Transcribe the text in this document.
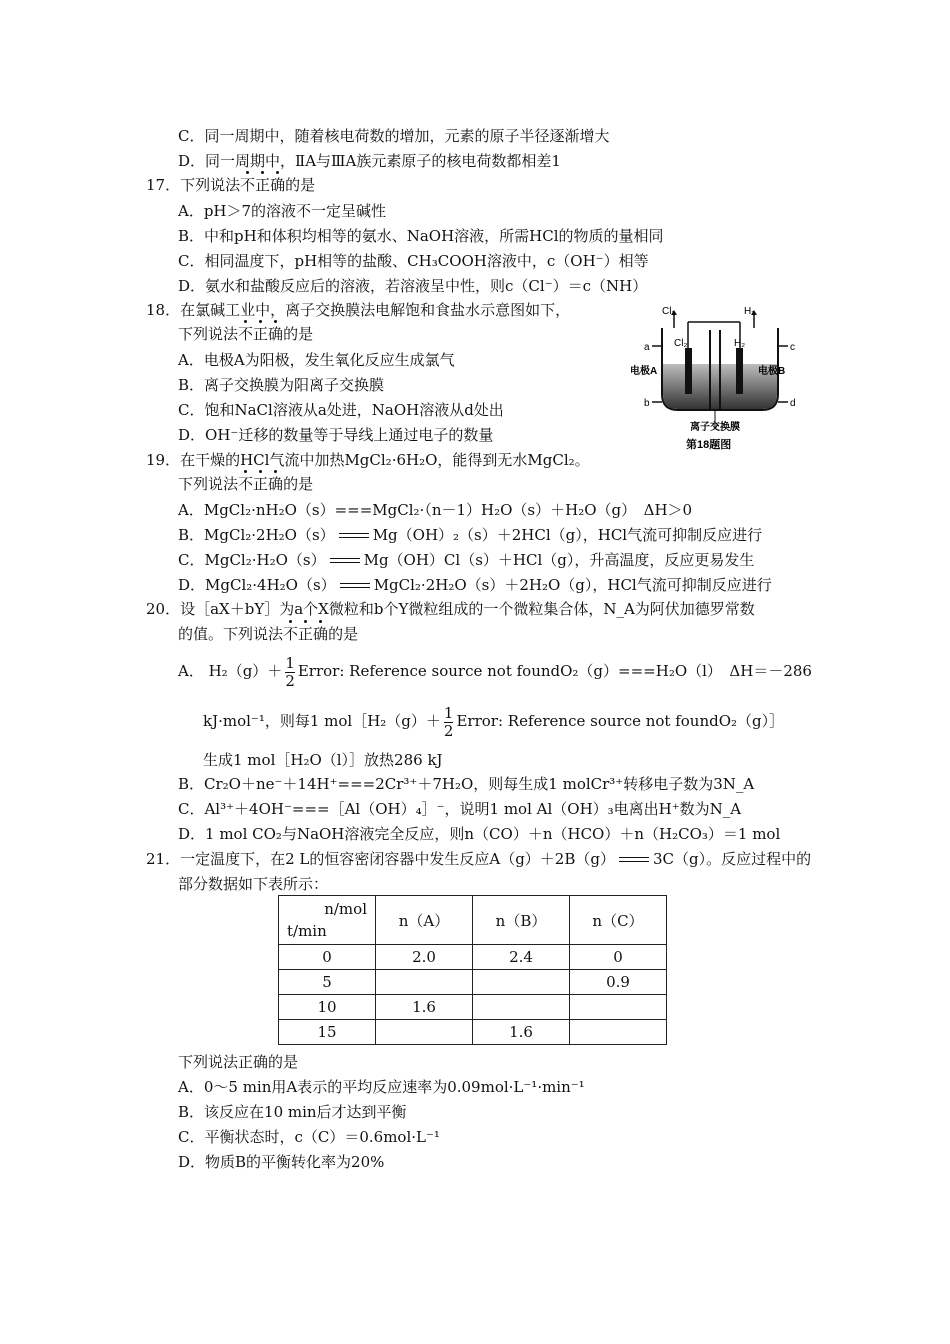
C．同一周期中，随着核电荷数的增加，元素的原子半径逐渐增大
D．同一周期中，ⅡA与ⅢA族元素原子的核电荷数都相差1
17．下列说法不正确的是
A．pH＞7的溶液不一定呈碱性
B．中和pH和体积均相等的氨水、NaOH溶液，所需HCl的物质的量相同
C．相同温度下，pH相等的盐酸、CH₃COOH溶液中，c（OH⁻）相等
D．氨水和盐酸反应后的溶液，若溶液呈中性，则c（Cl⁻）＝c（NH）
18．在氯碱工业中，离子交换膜法电解饱和食盐水示意图如下，
下列说法不正确的是
A．电极A为阳极，发生氧化反应生成氯气
B．离子交换膜为阳离子交换膜
C．饱和NaCl溶液从a处进，NaOH溶液从d处出
D．OH⁻迁移的数量等于导线上通过电子的数量
Cl₂	H₂
Cl₂	H₂
a
b
c
d
电极A	电极B
离子交换膜
第18题图
19．在干燥的HCl气流中加热MgCl₂·6H₂O，能得到无水MgCl₂。
下列说法不正确的是
A．MgCl₂·nH₂O（s）===MgCl₂·（n－1）H₂O（s）＋H₂O（g）　ΔH＞0
B．MgCl₂·2H₂O（s）	Mg（OH）₂（s）＋2HCl（g），HCl气流可抑制反应进行
C．MgCl₂·H₂O（s）	Mg（OH）Cl（s）＋HCl（g），升高温度，反应更易发生
D．MgCl₂·4H₂O（s）	MgCl₂·2H₂O（s）＋2H₂O（g），HCl气流可抑制反应进行
20．设［aX＋bY］为a个X微粒和b个Y微粒组成的一个微粒集合体，N_A为阿伏加德罗常数
的值。下列说法不正确的是
A． $H_2(g)+ \frac{1}{2}$ Error: Reference source not foundO₂（g）===H₂O（l）　ΔH＝－286
kJ·mol⁻¹，则每1 mol［H₂（g）＋ $\frac{1}{2}$ Error: Reference source not foundO₂（g）］
生成1 mol［H₂O（l）］放热286 kJ
B．Cr₂O＋ne⁻＋14H⁺===2Cr³⁺＋7H₂O，则每生成1 molCr³⁺转移电子数为3N_A
C．Al³⁺＋4OH⁻===［Al（OH）₄］⁻，说明1 mol Al（OH）₃电离出H⁺数为N_A
D．1 mol CO₂与NaOH溶液完全反应，则n（CO）＋n（HCO）＋n（H₂CO₃）＝1 mol
21．一定温度下，在2 L的恒容密闭容器中发生反应A（g）＋2B（g）	3C（g）。反应过程中的
部分数据如下表所示：
n/mol
t/min	n（A）	n（B）	n（C）
0	2.0	2.4	0
5			0.9
10	1.6		
15		1.6	
下列说法正确的是
A．0～5 min用A表示的平均反应速率为0.09mol·L⁻¹·min⁻¹
B．该反应在10 min后才达到平衡
C．平衡状态时，c（C）＝0.6mol·L⁻¹
D．物质B的平衡转化率为20%
